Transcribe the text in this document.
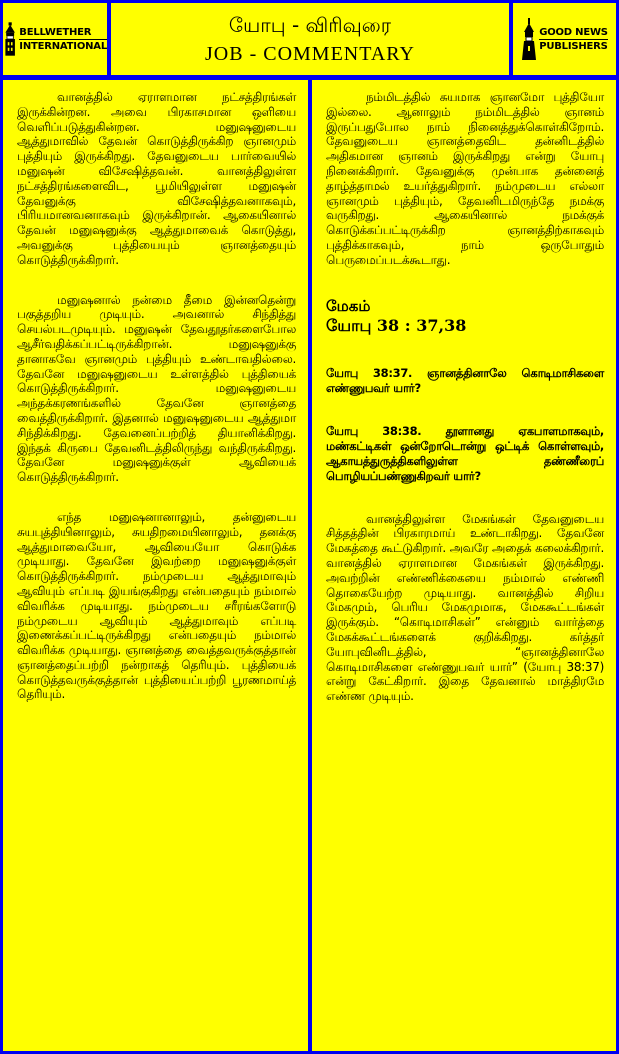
BELLWETHER
INTERNATIONAL
யோபு - விரிவுரை
JOB - COMMENTARY
GOOD NEWS
PUBLISHERS

வானத்தில் ஏராளமான நட்சத்திரங்கள் இருக்கின்றன. அவை பிரகாசமான ஒளியை வெளிப்படுத்துகின்றன. மனுஷனுடைய ஆத்துமாவில் தேவன் கொடுத்திருக்கிற ஞானமும் புத்தியும் இருக்கிறது. தேவனுடைய பார்வையில் மனுஷன் விசேஷித்தவன். வானத்திலுள்ள நட்சத்திரங்களைவிட, பூமியிலுள்ள மனுஷன் தேவனுக்கு விசேஷித்தவனாகவும், பிரியமானவனாகவும் இருக்கிறான். ஆகையினால் தேவன் மனுஷனுக்கு ஆத்துமாவைக் கொடுத்து, அவனுக்கு புத்தியையும் ஞானத்தையும் கொடுத்திருக்கிறார்.

மனுஷனால் நன்மை தீமை இன்னதென்று பகுத்தறிய முடியும். அவனால் சிந்தித்து செயல்படமுடியும். மனுஷன் தேவதூதர்களைபோல ஆசீர்வதிக்கப்பட்டிருக்கிறான். மனுஷனுக்கு தானாகவே ஞானமும் புத்தியும் உண்டாவதில்லை. தேவனே மனுஷனுடைய உள்ளத்தில் புத்தியைக் கொடுத்திருக்கிறார். மனுஷனுடைய அந்தக்கரணங்களில் தேவனே ஞானத்தை வைத்திருக்கிறார். இதனால் மனுஷனுடைய ஆத்துமா சிந்திக்கிறது. தேவனைப்பற்றித் தியானிக்கிறது. இந்தக் கிருபை தேவனிடத்திலிருந்து வந்திருக்கிறது. தேவனே மனுஷனுக்குள் ஆவியைக் கொடுத்திருக்கிறார்.

எந்த மனுஷனானாலும், தன்னுடைய சுயபுத்தியினாலும், சுயதிறமையினாலும், தனக்கு ஆத்துமாவையோ, ஆவியையோ கொடுக்க முடியாது. தேவனே இவற்றை மனுஷனுக்குள் கொடுத்திருக்கிறார். நம்முடைய ஆத்துமாவும் ஆவியும் எப்படி இயங்குகிறது என்பதையும் நம்மால் விவரிக்க முடியாது. நம்முடைய சரீரங்களோடு நம்முடைய ஆவியும் ஆத்துமாவும் எப்படி இணைக்கப்பட்டிருக்கிறது என்பதையும் நம்மால் விவரிக்க முடியாது. ஞானத்தை வைத்தவருக்குத்தான் ஞானத்தைப்பற்றி நன்றாகத் தெரியும். புத்தியைக் கொடுத்தவருக்குத்தான் புத்தியைப்பற்றி பூரணமாய்த் தெரியும்.

நம்மிடத்தில் சுயமாக ஞானமோ புத்தியோ இல்லை. ஆனாலும் நம்மிடத்தில் ஞானம் இருப்பதுபோல நாம் நினைத்துக்கொள்கிறோம். தேவனுடைய ஞானத்தைவிட தன்னிடத்தில் அதிகமான ஞானம் இருக்கிறது என்று யோபு நினைக்கிறார். தேவனுக்கு முன்பாக தன்னைத் தாழ்த்தாமல் உயர்த்துகிறார். நம்முடைய எல்லா ஞானமும் புத்தியும், தேவனிடமிருந்தே நமக்கு வருகிறது. ஆகையினால் நமக்குக் கொடுக்கப்பட்டிருக்கிற ஞானத்திற்காகவும் புத்திக்காகவும், நாம் ஒருபோதும் பெருமைப்படக்கூடாது.

மேகம்
யோபு 38 : 37,38

யோபு 38:37. ஞானத்தினாலே கொடிமாசிகளை எண்ணுபவர் யார்?

யோபு 38:38. தூளானது ஏகபாளமாகவும், மண்கட்டிகள் ஒன்றோடொன்று ஒட்டிக் கொள்ளவும், ஆகாயத்துருத்திகளிலுள்ள தண்ணீரைப் பொழியப்பண்ணுகிறவர் யார்?

வானத்திலுள்ள மேகங்கள் தேவனுடைய சித்தத்தின் பிரகாரமாய் உண்டாகிறது. தேவனே மேகத்தை கூட்டுகிறார். அவரே அதைக் கலைக்கிறார். வானத்தில் ஏராளமான மேகங்கள் இருக்கிறது. அவற்றின் எண்ணிக்கையை நம்மால் எண்ணி தொகையேற்ற முடியாது. வானத்தில் சிறிய மேகமும், பெரிய மேகமுமாக, மேககூட்டங்கள் இருக்கும். “கொடிமாசிகள்” என்னும் வார்த்தை மேகக்கூட்டங்களைக் குறிக்கிறது. கர்த்தர் யோபுவினிடத்தில், “ஞானத்தினாலே கொடிமாசிகளை எண்ணுபவர் யார்” (யோபு 38:37) என்று கேட்கிறார். இதை தேவனால் மாத்திரமே எண்ண முடியும்.
